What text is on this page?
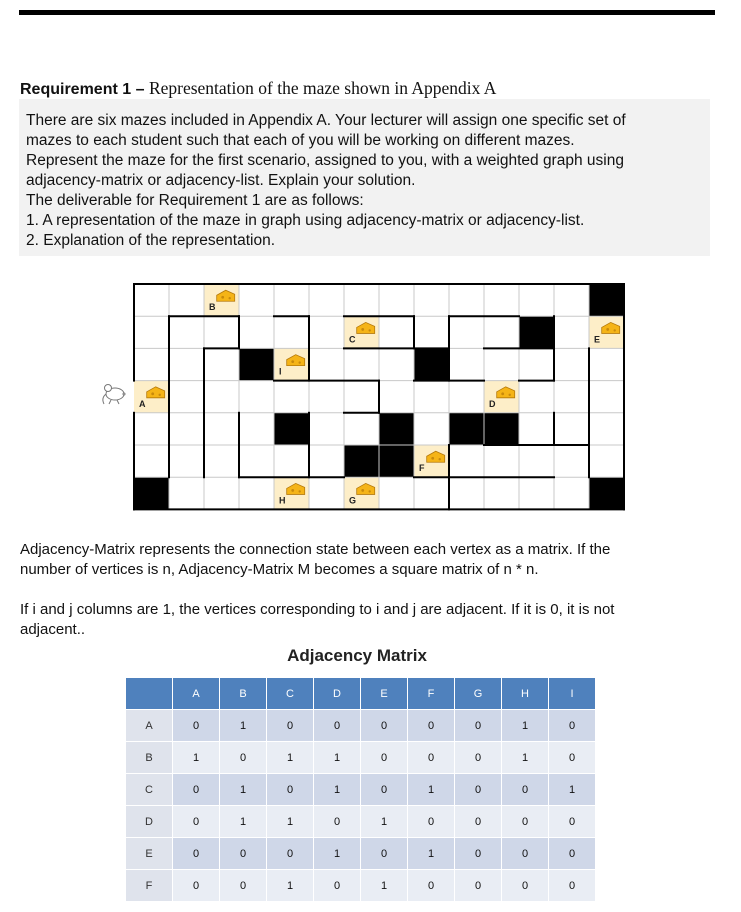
Requirement 1 – Representation of the maze shown in Appendix A

There are six mazes included in Appendix A. Your lecturer will assign one specific set of

mazes to each student such that each of you will be working on different mazes.

Represent the maze for the first scenario, assigned to you, with a weighted graph using

adjacency-matrix or adjacency-list. Explain your solution.

The deliverable for Requirement 1 are as follows:

1. A representation of the maze in graph using adjacency-matrix or adjacency-list.

2. Explanation of the representation.

B
C	E
I
A	D
F
H	G

Adjacency-Matrix represents the connection state between each vertex as a matrix. If the
number of vertices is n, Adjacency-Matrix M becomes a square matrix of n * n.

If i and j columns are 1, the vertices corresponding to i and j are adjacent. If it is 0, it is not
adjacent..

Adjacency Matrix
	A	B	C	D	E	F	G	H	I
A	0	1	0	0	0	0	0	1	0
B	1	0	1	1	0	0	0	1	0
C	0	1	0	1	0	1	0	0	1
D	0	1	1	0	1	0	0	0	0
E	0	0	0	1	0	1	0	0	0
F	0	0	1	0	1	0	0	0	0
